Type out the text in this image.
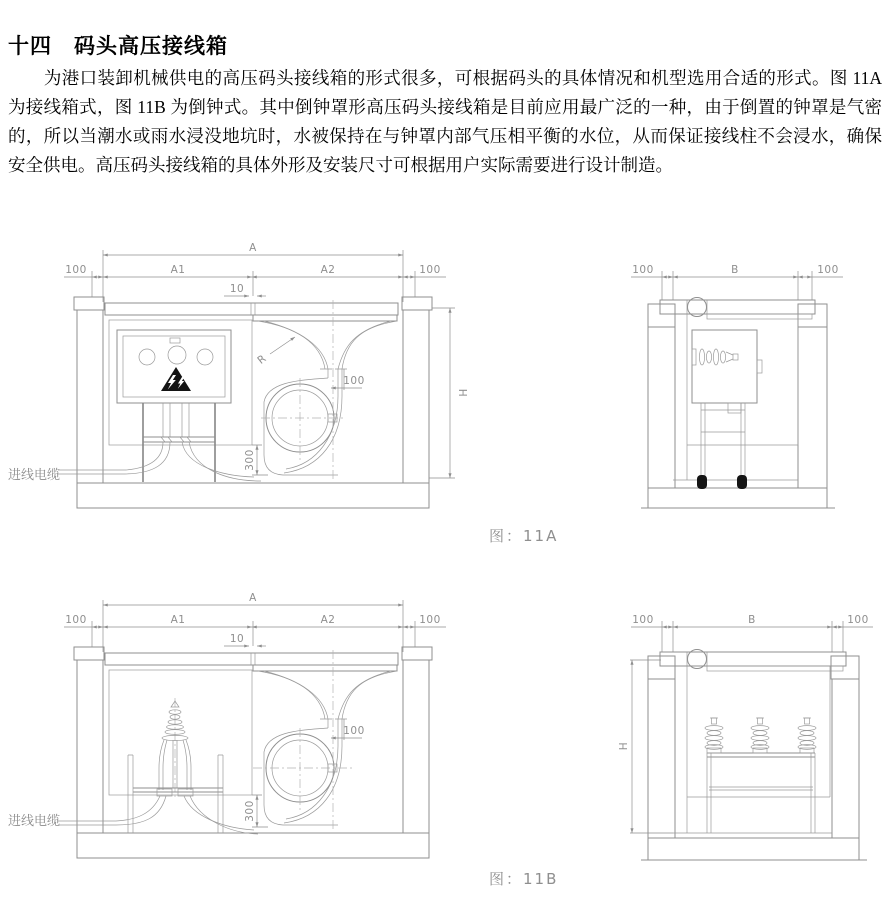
十四　码头高压接线箱

为港口装卸机械供电的高压码头接线箱的形式很多，可根据码头的具体情况和机型选用合适的形式。图 11A 为接线箱式，图 11B 为倒钟式。其中倒钟罩形高压码头接线箱是目前应用最广泛的一种，由于倒置的钟罩是气密的，所以当潮水或雨水浸没地坑时，水被保持在与钟罩内部气压相平衡的水位，从而保证接线柱不会浸水，确保安全供电。高压码头接线箱的具体外形及安装尺寸可根据用户实际需要进行设计制造。

A
100	A1	A2	100
10
R
100
300
H
100	B	100
图：11A
进线电缆
A
100	A1	A2	100
10
100
300
100	B	100
H
图：11B
进线电缆
